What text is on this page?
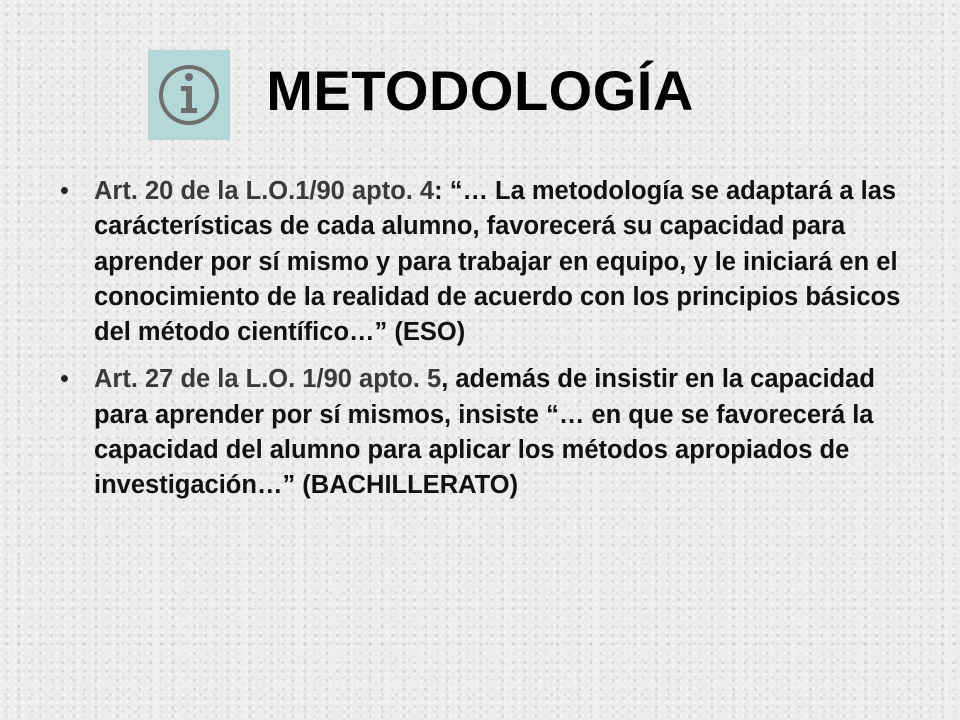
METODOLOGÍA
• Art. 20 de la L.O.1/90 apto. 4: “… La metodología se adaptará a las carácterísticas de cada alumno, favorecerá su capacidad para aprender por sí mismo y para trabajar en equipo, y le iniciará en el conocimiento de la realidad de acuerdo con los principios básicos del método científico…” (ESO)
• Art. 27 de la L.O. 1/90 apto. 5, además de insistir en la capacidad para aprender por sí mismos, insiste “… en que se favorecerá la capacidad del alumno para aplicar los métodos apropiados de investigación…” (BACHILLERATO)
